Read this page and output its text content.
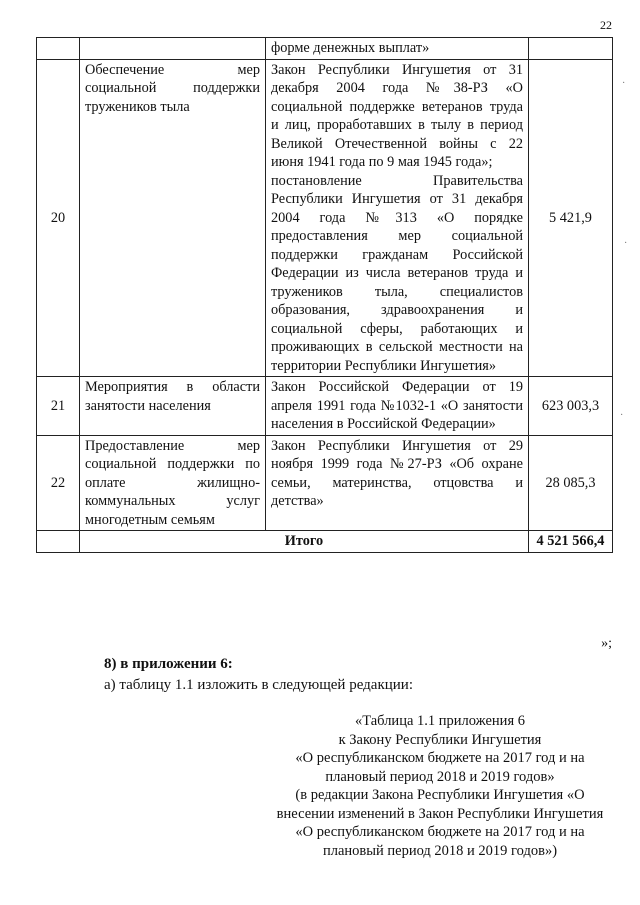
22
		форме денежных выплат»	
20	Обеспечение мер социальной поддержки тружеников тыла	Закон Республики Ингушетия от 31 декабря 2004 года №38-РЗ «О социальной поддержке ветеранов труда и лиц, проработавших в тылу в период Великой Отечественной войны с 22 июня 1941 года по 9 мая 1945 года»;
постановление Правительства Республики Ингушетия от 31 декабря 2004 года №313 «О порядке предоставления мер социальной поддержки гражданам Российской Федерации из числа ветеранов труда и тружеников тыла, специалистов образования, здравоохранения и социальной сферы, работающих и проживающих в сельской местности на территории Республики Ингушетия»	5 421,9
21	Мероприятия в области занятости населения	Закон Российской Федерации от 19 апреля 1991 года №1032-1 «О занятости населения в Российской Федерации»	623 003,3
22	Предоставление мер социальной поддержки по оплате жилищно-коммунальных услуг многодетным семьям	Закон Республики Ингушетия от 29 ноября 1999 года №27-РЗ «Об охране семьи, материнства, отцовства и детства»	28 085,3
	Итого		4 521 566,4
»;
8) в приложении 6:
а) таблицу 1.1 изложить в следующей редакции:
«Таблица 1.1 приложения 6
к Закону Республики Ингушетия
«О республиканском бюджете на 2017 год и на плановый период 2018 и 2019 годов»
(в редакции Закона Республики Ингушетия «О внесении изменений в Закон Республики Ингушетия «О республиканском бюджете на 2017 год и на плановый период 2018 и 2019 годов»)
·
·
·
